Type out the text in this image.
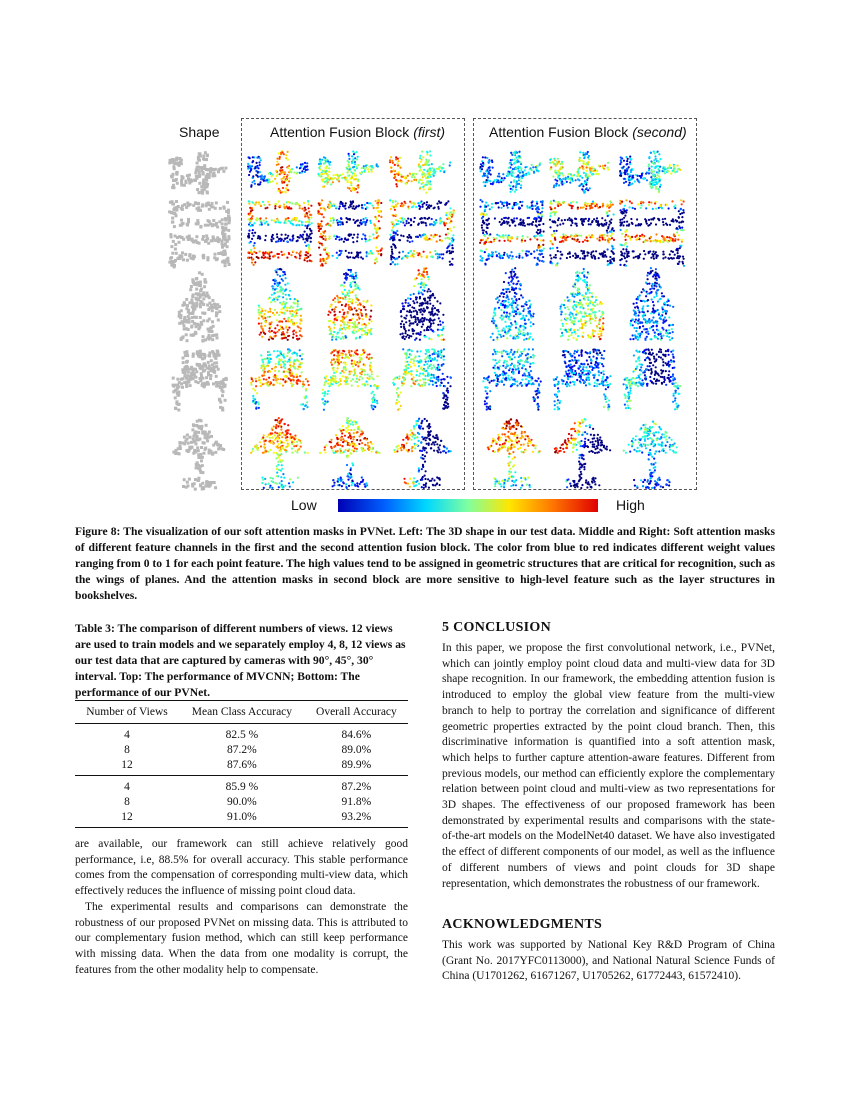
Shape	Attention Fusion Block (first)	Attention Fusion Block (second)
Low	High
Figure 8: The visualization of our soft attention masks in PVNet. Left: The 3D shape in our test data. Middle and Right: Soft attention masks of different feature channels in the first and the second attention fusion block. The color from blue to red indicates different weight values ranging from 0 to 1 for each point feature. The high values tend to be assigned in geometric structures that are critical for recognition, such as the wings of planes. And the attention masks in second block are more sensitive to high-level feature such as the layer structures in bookshelves.
Table 3: The comparison of different numbers of views. 12 views are used to train models and we separately employ 4, 8, 12 views as our test data that are captured by cameras with 90°, 45°, 30° interval. Top: The performance of MVCNN; Bottom: The performance of our PVNet.
Number of Views	Mean Class Accuracy	Overall Accuracy
4	82.5 %	84.6%
8	87.2%	89.0%
12	87.6%	89.9%
4	85.9 %	87.2%
8	90.0%	91.8%
12	91.0%	93.2%
are available, our framework can still achieve relatively good performance, i.e, 88.5% for overall accuracy. This stable performance comes from the compensation of corresponding multi-view data, which effectively reduces the influence of missing point cloud data.
The experimental results and comparisons can demonstrate the robustness of our proposed PVNet on missing data. This is attributed to our complementary fusion method, which can still keep performance with missing data. When the data from one modality is corrupt, the features from the other modality help to compensate.
5 CONCLUSION
In this paper, we propose the first convolutional network, i.e., PVNet, which can jointly employ point cloud data and multi-view data for 3D shape recognition. In our framework, the embedding attention fusion is introduced to employ the global view feature from the multi-view branch to help to portray the correlation and significance of different geometric properties extracted by the point cloud branch. Then, this discriminative information is quantified into a soft attention mask, which helps to further capture attention-aware features. Different from previous models, our method can efficiently explore the complementary relation between point cloud and multi-view as two representations for 3D shapes. The effectiveness of our proposed framework has been demonstrated by experimental results and comparisons with the state-of-the-art models on the ModelNet40 dataset. We have also investigated the effect of different components of our model, as well as the influence of different numbers of views and point clouds for 3D shape representation, which demonstrates the robustness of our framework.
ACKNOWLEDGMENTS
This work was supported by National Key R&D Program of China (Grant No. 2017YFC0113000), and National Natural Science Funds of China (U1701262, 61671267, U1705262, 61772443, 61572410).
